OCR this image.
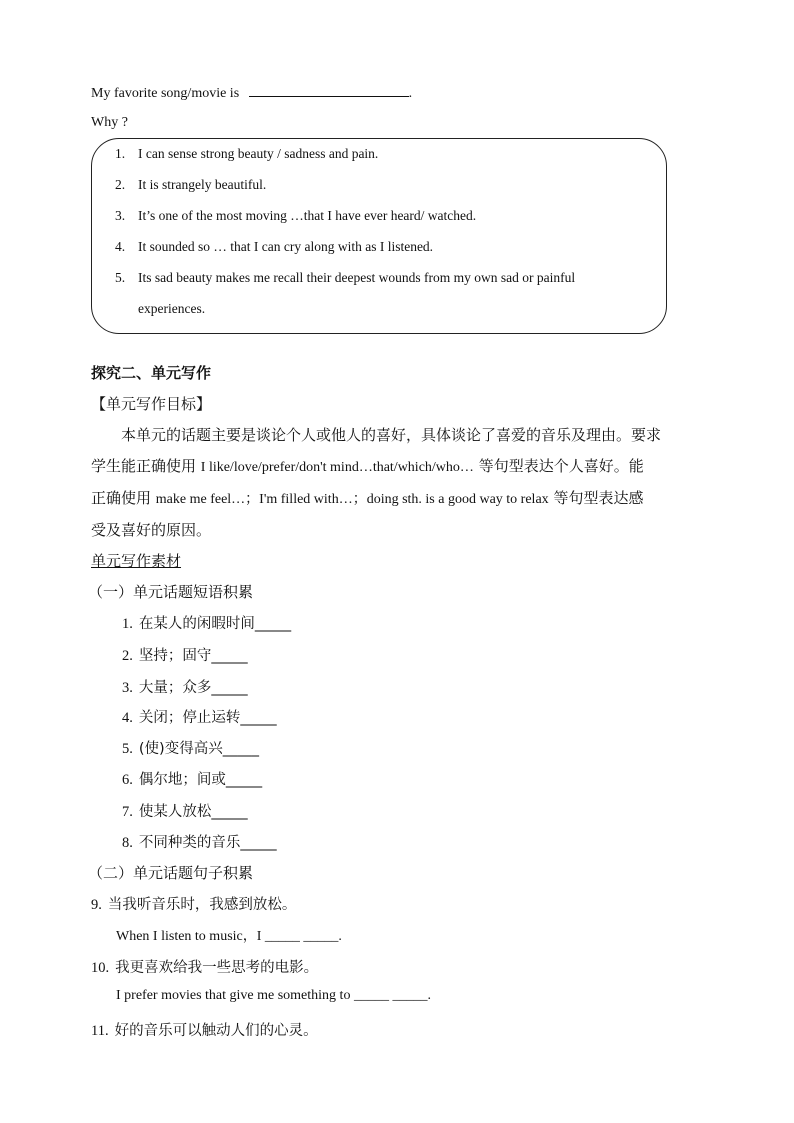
My favorite song/movie is	.
Why ?
1. I can sense strong beauty / sadness and pain.
2. It is strangely beautiful.
3. It’s one of the most moving …that I have ever heard/ watched.
4. It sounded so … that I can cry along with as I listened.
5. Its sad beauty makes me recall their deepest wounds from my own sad or painful
experiences.
探究二、单元写作
【单元写作目标】
本单元的话题主要是谈论个人或他人的喜好，具体谈论了喜爱的音乐及理由。要求
学生能正确使用 I like/love/prefer/don't mind…that/which/who… 等句型表达个人喜好。能
正确使用 make me feel…；I'm filled with…；doing sth. is a good way to relax 等句型表达感
受及喜好的原因。
单元写作素材
（一）单元话题短语积累
1. 在某人的闲暇时间_____
2. 坚持；固守_____
3. 大量；众多_____
4. 关闭；停止运转_____
5. (使)变得高兴_____
6. 偶尔地；间或_____
7. 使某人放松_____
8. 不同种类的音乐_____
（二）单元话题句子积累
9. 当我听音乐时，我感到放松。
When I listen to music，I _____ _____.
10. 我更喜欢给我一些思考的电影。
I prefer movies that give me something to _____ _____.
11. 好的音乐可以触动人们的心灵。
